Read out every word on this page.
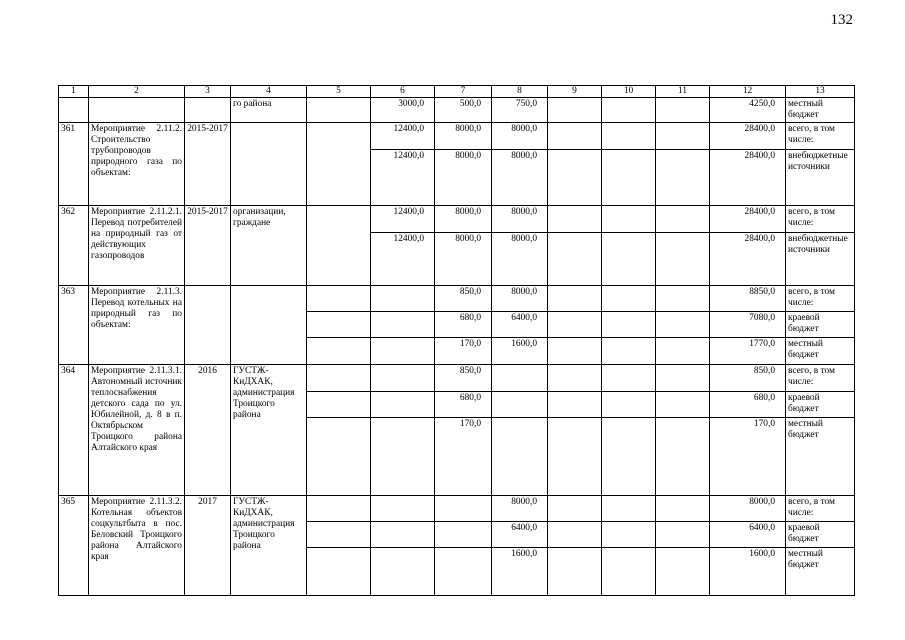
132
1	2	3	4	5	6	7	8	9	10	11	12	13
			го района		3000,0	500,0	750,0				4250,0	местный бюджет
361	Мероприятие 2.11.2. Строительство трубопроводов природного газа по объектам:	2015-2017			12400,0	8000,0	8000,0				28400,0	всего, в том числе:
					12400,0	8000,0	8000,0				28400,0	внебюджетные источники
362	Мероприятие 2.11.2.1. Перевод потребителей на природный газ от действующих газопроводов	2015-2017	организации, граждане		12400,0	8000,0	8000,0				28400,0	всего, в том числе:
					12400,0	8000,0	8000,0				28400,0	внебюджетные источники
363	Мероприятие 2.11.3. Перевод котельных на природный газ по объектам:					850,0	8000,0				8850,0	всего, в том числе:
						680,0	6400,0				7080,0	краевой бюджет
						170,0	1600,0				1770,0	местный бюджет
364	Мероприятие 2.11.3.1. Автономный источник теплоснабжения детского сада по ул. Юбилейной, д. 8 в п. Октябрьском Троицкого района Алтайского края	2016	ГУСТЖ-КиДХАК, администрация Троицкого района			850,0					850,0	всего, в том числе:
						680,0					680,0	краевой бюджет
						170,0					170,0	местный бюджет
365	Мероприятие 2.11.3.2. Котельная объектов соцкультбыта в пос. Беловский Троицкого района Алтайского края	2017	ГУСТЖ-КиДХАК, администрация Троицкого района				8000,0				8000,0	всего, в том числе:
							6400,0				6400,0	краевой бюджет
							1600,0				1600,0	местный бюджет
